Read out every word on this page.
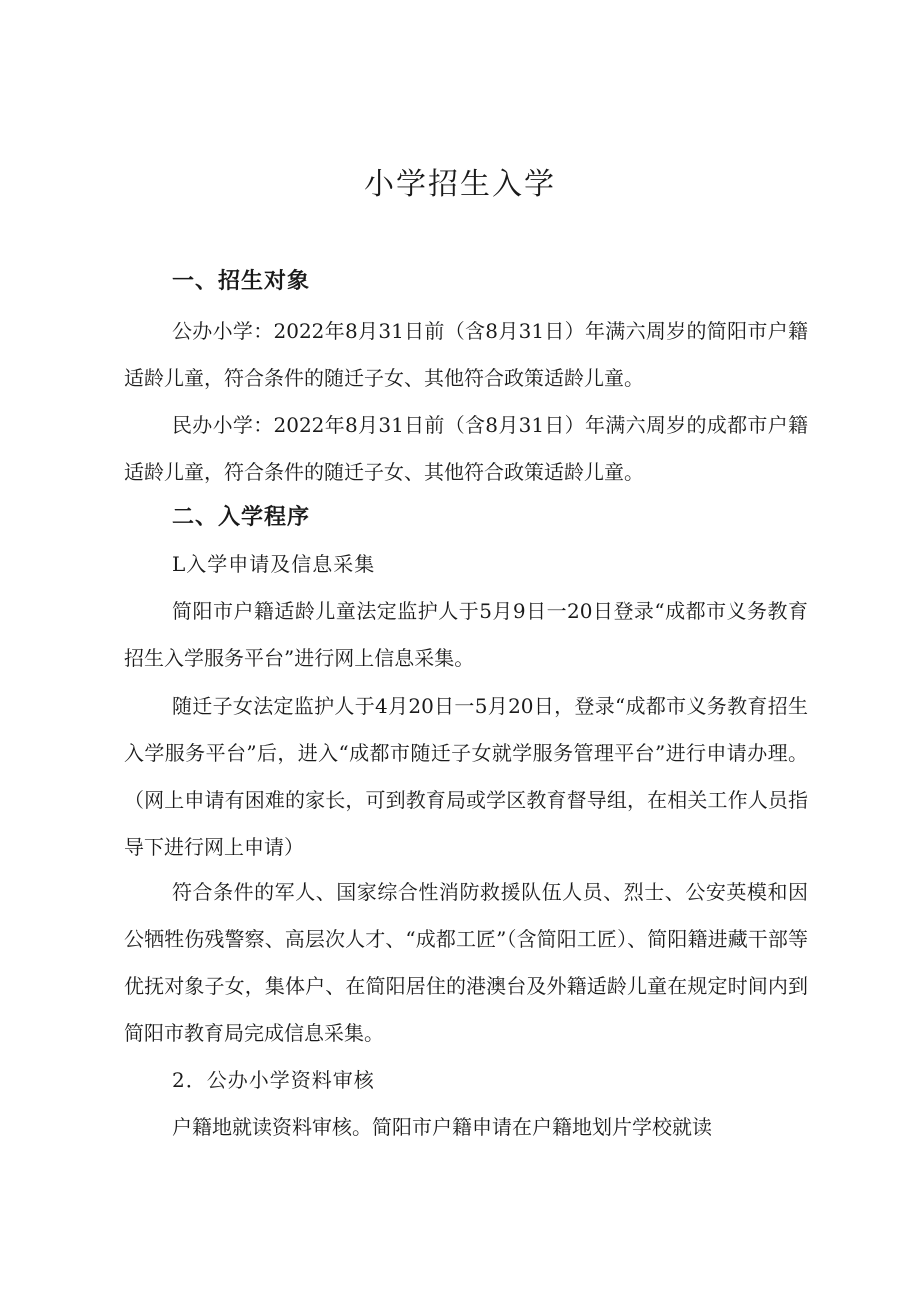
小学招生入学
一、招生对象

公办小学：2022年8月31日前（含8月31日）年满六周岁的简阳市户籍适龄儿童，符合条件的随迁子女、其他符合政策适龄儿童。

民办小学：2022年8月31日前（含8月31日）年满六周岁的成都市户籍适龄儿童，符合条件的随迁子女、其他符合政策适龄儿童。

二、入学程序

L入学申请及信息采集

简阳市户籍适龄儿童法定监护人于5月9日一20日登录“成都市义务教育招生入学服务平台”进行网上信息采集。

随迁子女法定监护人于4月20日一5月20日，登录“成都市义务教育招生入学服务平台”后，进入“成都市随迁子女就学服务管理平台”进行申请办理。（网上申请有困难的家长，可到教育局或学区教育督导组，在相关工作人员指导下进行网上申请）

符合条件的军人、国家综合性消防救援队伍人员、烈士、公安英模和因公牺牲伤残警察、高层次人才、“成都工匠”（含简阳工匠）、简阳籍进藏干部等优抚对象子女，集体户、在简阳居住的港澳台及外籍适龄儿童在规定时间内到简阳市教育局完成信息采集。

2．公办小学资料审核

户籍地就读资料审核。简阳市户籍申请在户籍地划片学校就读
